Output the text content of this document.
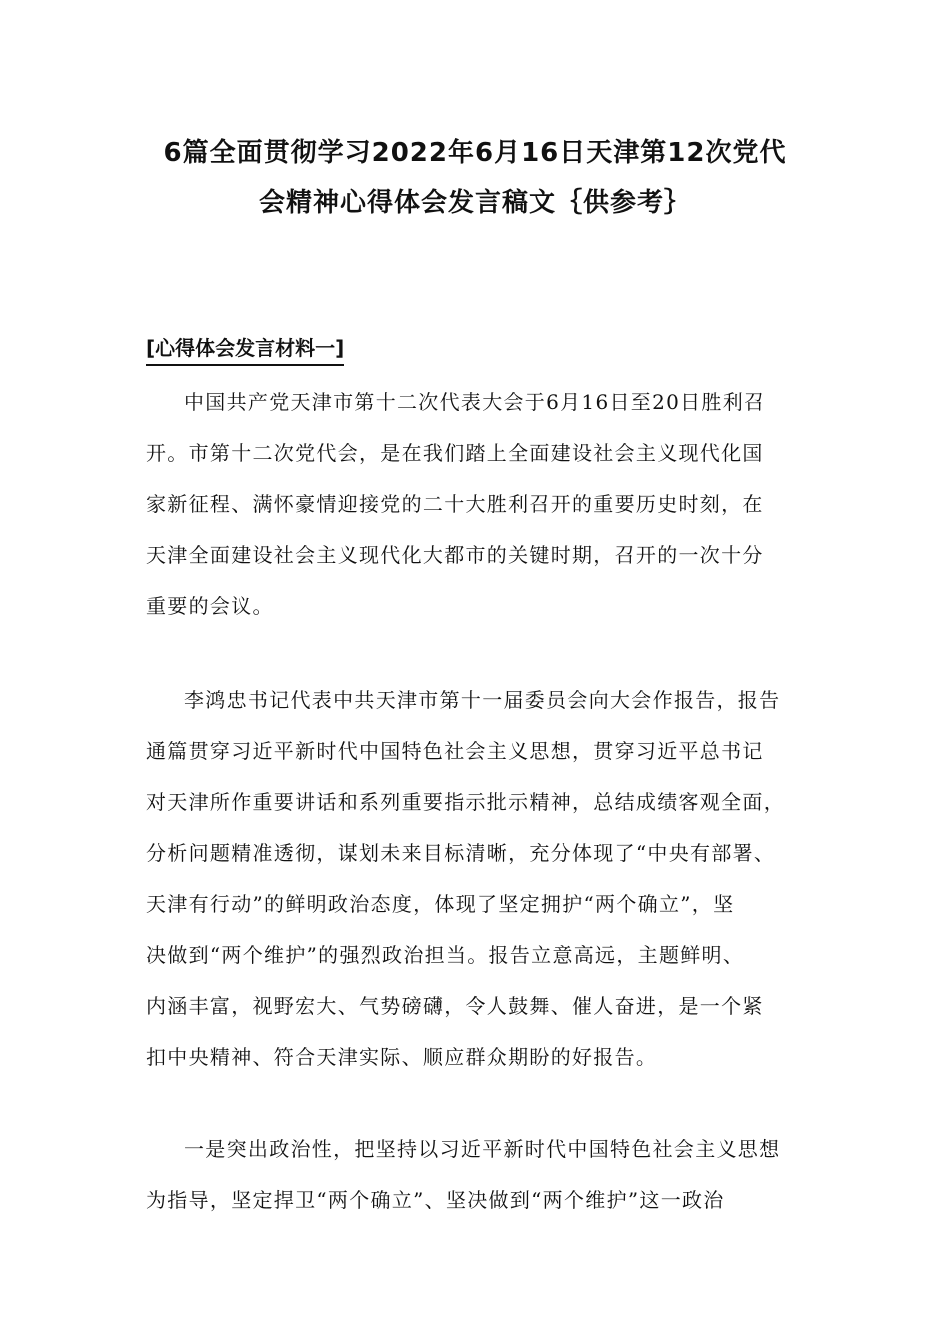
6篇全面贯彻学习2022年6月16日天津第12次党代
会精神心得体会发言稿文｛供参考｝
[心得体会发言材料一]

中国共产党天津市第十二次代表大会于6月16日至20日胜利召
开。市第十二次党代会，是在我们踏上全面建设社会主义现代化国
家新征程、满怀豪情迎接党的二十大胜利召开的重要历史时刻，在
天津全面建设社会主义现代化大都市的关键时期，召开的一次十分
重要的会议。

李鸿忠书记代表中共天津市第十一届委员会向大会作报告，报告
通篇贯穿习近平新时代中国特色社会主义思想，贯穿习近平总书记
对天津所作重要讲话和系列重要指示批示精神，总结成绩客观全面，
分析问题精准透彻，谋划未来目标清晰，充分体现了“中央有部署、
天津有行动”的鲜明政治态度，体现了坚定拥护“两个确立”，坚
决做到“两个维护”的强烈政治担当。报告立意高远，主题鲜明、
内涵丰富，视野宏大、气势磅礴，令人鼓舞、催人奋进，是一个紧
扣中央精神、符合天津实际、顺应群众期盼的好报告。

一是突出政治性，把坚持以习近平新时代中国特色社会主义思想
为指导，坚定捍卫“两个确立”、坚决做到“两个维护”这一政治
